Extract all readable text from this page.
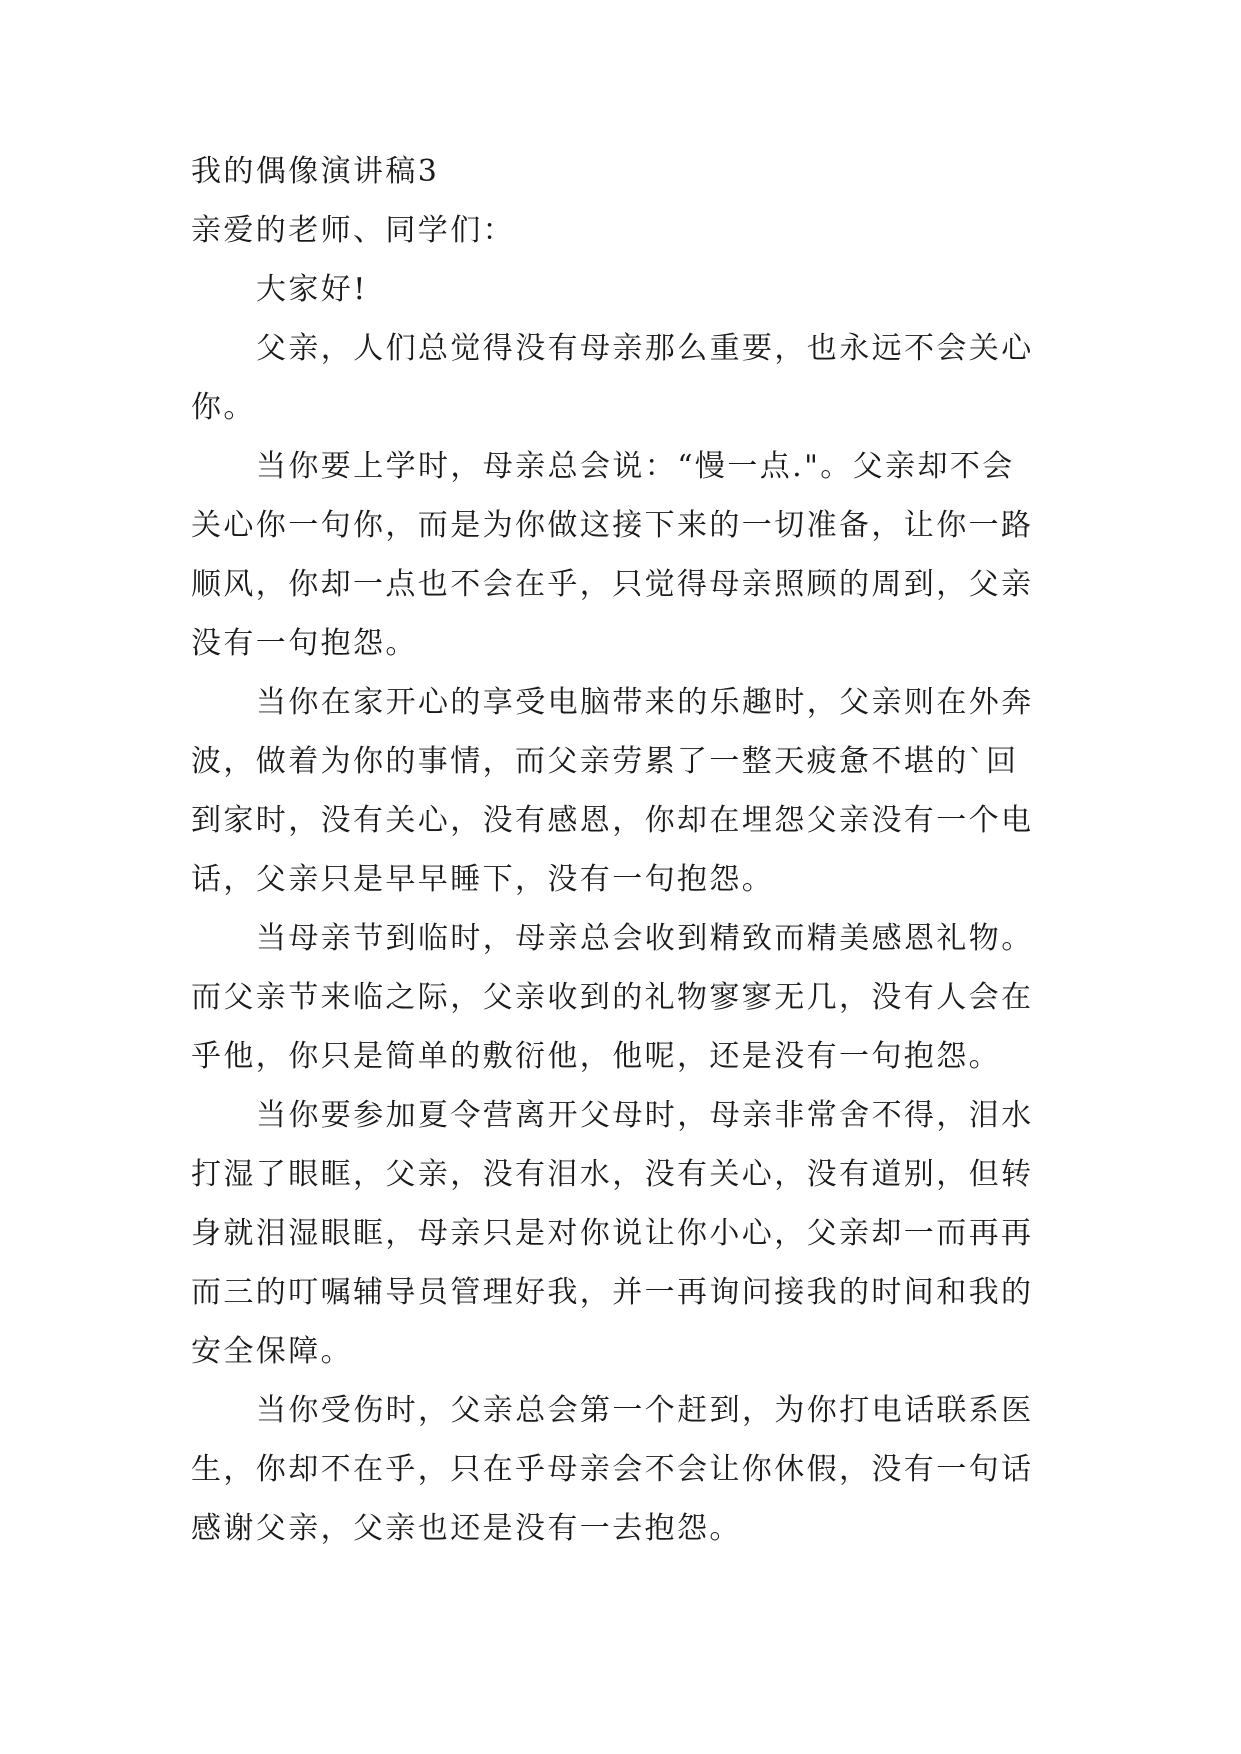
我的偶像演讲稿3
亲爱的老师、同学们：
大家好!
父亲，人们总觉得没有母亲那么重要，也永远不会关心
你。
当你要上学时，母亲总会说：“慢一点."。父亲却不会
关心你一句你，而是为你做这接下来的一切准备，让你一路
顺风，你却一点也不会在乎，只觉得母亲照顾的周到，父亲
没有一句抱怨。
当你在家开心的享受电脑带来的乐趣时，父亲则在外奔
波，做着为你的事情，而父亲劳累了一整天疲惫不堪的`回
到家时，没有关心，没有感恩，你却在埋怨父亲没有一个电
话，父亲只是早早睡下，没有一句抱怨。
当母亲节到临时，母亲总会收到精致而精美感恩礼物。
而父亲节来临之际，父亲收到的礼物寥寥无几，没有人会在
乎他，你只是简单的敷衍他，他呢，还是没有一句抱怨。
当你要参加夏令营离开父母时，母亲非常舍不得，泪水
打湿了眼眶，父亲，没有泪水，没有关心，没有道别，但转
身就泪湿眼眶，母亲只是对你说让你小心，父亲却一而再再
而三的叮嘱辅导员管理好我，并一再询问接我的时间和我的
安全保障。
当你受伤时，父亲总会第一个赶到，为你打电话联系医
生，你却不在乎，只在乎母亲会不会让你休假，没有一句话
感谢父亲，父亲也还是没有一去抱怨。
